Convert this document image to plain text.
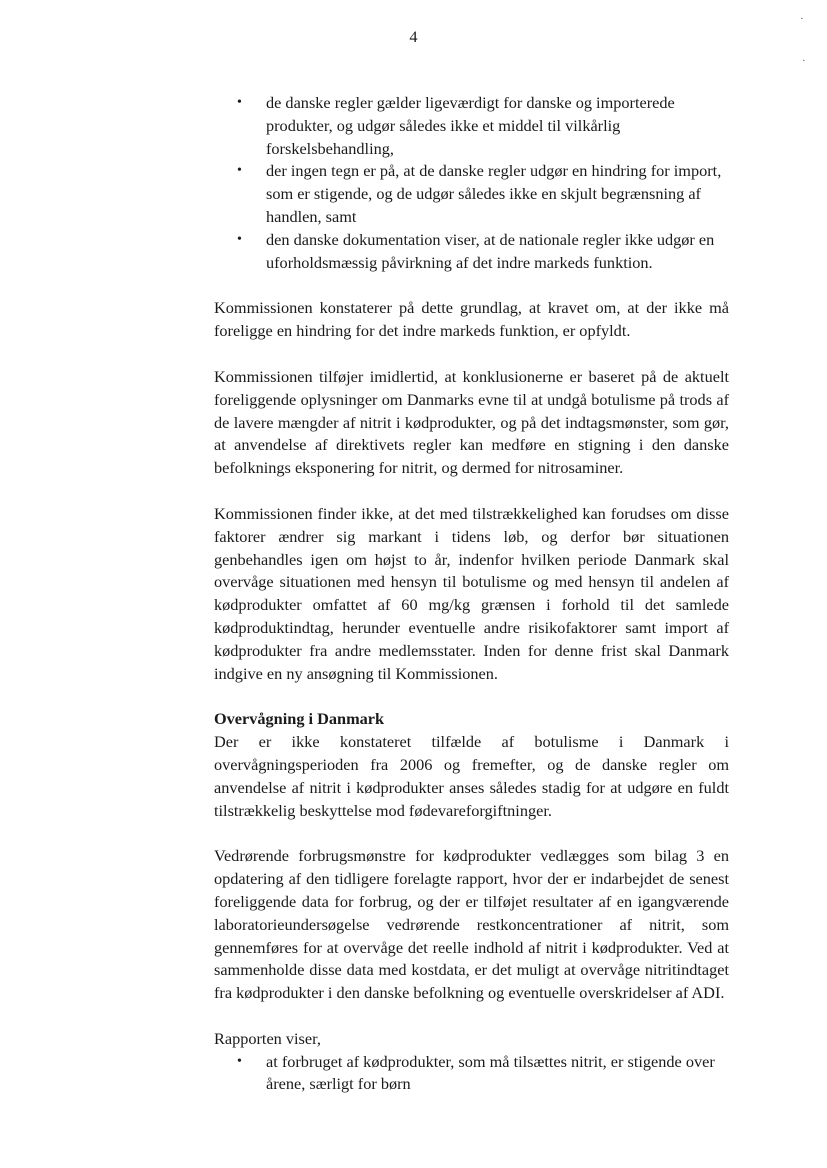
4
·
·
• de danske regler gælder ligeværdigt for danske og importerede produkter, og udgør således ikke et middel til vilkårlig forskelsbehandling,
• der ingen tegn er på, at de danske regler udgør en hindring for import, som er stigende, og de udgør således ikke en skjult begrænsning af handlen, samt
• den danske dokumentation viser, at de nationale regler ikke udgør en uforholdsmæssig påvirkning af det indre markeds funktion.

Kommissionen konstaterer på dette grundlag, at kravet om, at der ikke må foreligge en hindring for det indre markeds funktion, er opfyldt.

Kommissionen tilføjer imidlertid, at konklusionerne er baseret på de aktuelt foreliggende oplysninger om Danmarks evne til at undgå botulisme på trods af de lavere mængder af nitrit i kødprodukter, og på det indtagsmønster, som gør, at anvendelse af direktivets regler kan medføre en stigning i den danske befolknings eksponering for nitrit, og dermed for nitrosaminer.

Kommissionen finder ikke, at det med tilstrækkelighed kan forudses om disse faktorer ændrer sig markant i tidens løb, og derfor bør situationen genbehandles igen om højst to år, indenfor hvilken periode Danmark skal overvåge situationen med hensyn til botulisme og med hensyn til andelen af kødprodukter omfattet af 60 mg/kg grænsen i forhold til det samlede kødproduktindtag, herunder eventuelle andre risikofaktorer samt import af kødprodukter fra andre medlemsstater. Inden for denne frist skal Danmark indgive en ny ansøgning til Kommissionen.

Overvågning i Danmark

Der er ikke konstateret tilfælde af botulisme i Danmark i overvågningsperioden fra 2006 og fremefter, og de danske regler om anvendelse af nitrit i kødprodukter anses således stadig for at udgøre en fuldt tilstrækkelig beskyttelse mod fødevareforgiftninger.

Vedrørende forbrugsmønstre for kødprodukter vedlægges som bilag 3 en opdatering af den tidligere forelagte rapport, hvor der er indarbejdet de senest foreliggende data for forbrug, og der er tilføjet resultater af en igangværende laboratorieundersøgelse vedrørende restkoncentrationer af nitrit, som gennemføres for at overvåge det reelle indhold af nitrit i kødprodukter. Ved at sammenholde disse data med kostdata, er det muligt at overvåge nitritindtaget fra kødprodukter i den danske befolkning og eventuelle overskridelser af ADI.

Rapporten viser,

• at forbruget af kødprodukter, som må tilsættes nitrit, er stigende over årene, særligt for børn
